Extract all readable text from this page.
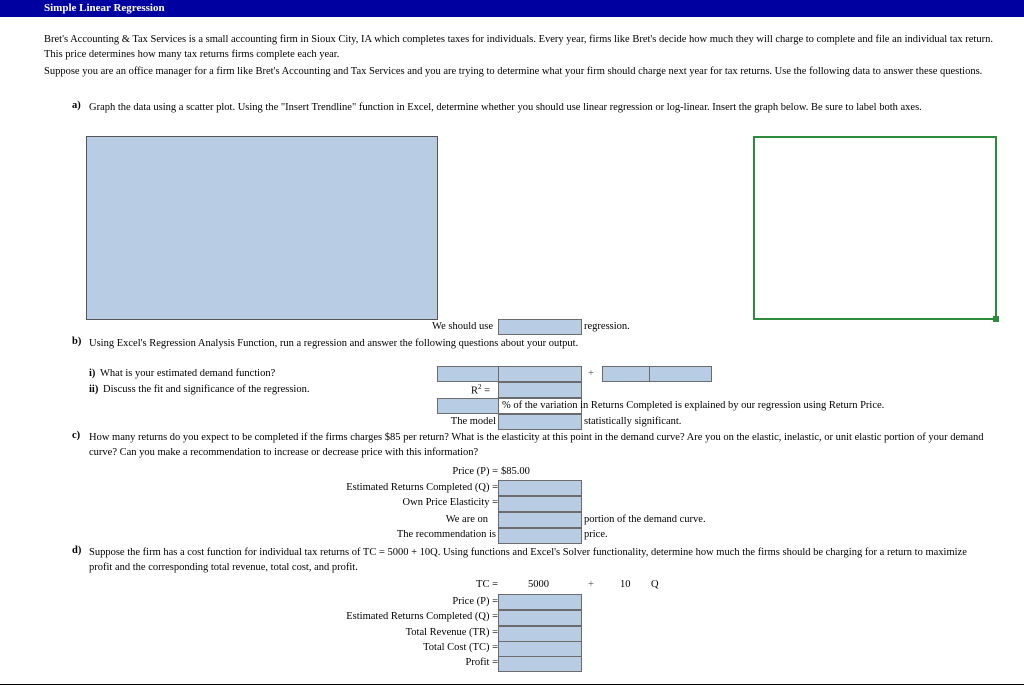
Simple Linear Regression
Bret's Accounting & Tax Services is a small accounting firm in Sioux City, IA which completes taxes for individuals. Every year, firms like Bret's decide how much they will charge to complete and file an individual tax return. This price determines how many tax returns firms complete each year.
Suppose you are an office manager for a firm like Bret's Accounting and Tax Services and you are trying to determine what your firm should charge next year for tax returns. Use the following data to answer these questions.
a) Graph the data using a scatter plot. Using the "Insert Trendline" function in Excel, determine whether you should use linear regression or log-linear. Insert the graph below. Be sure to label both axes.
We should use	regression.
b) Using Excel's Regression Analysis Function, run a regression and answer the following questions about your output.
i) What is your estimated demand function?
ii) Discuss the fit and significance of the regression.
+
$R^2$ =
% of the variation in Returns Completed is explained by our regression using Return Price.
The model	statistically significant.
c) How many returns do you expect to be completed if the firms charges $85 per return? What is the elasticity at this point in the demand curve? Are you on the elastic, inelastic, or unit elastic portion of your demand curve? Can you make a recommendation to increase or decrease price with this information?
Price (P) = $85.00
Estimated Returns Completed (Q) =
Own Price Elasticity =
We are on	portion of the demand curve.
The recommendation is	price.
d) Suppose the firm has a cost function for individual tax returns of TC = 5000 + 10Q. Using functions and Excel's Solver functionality, determine how much the firms should be charging for a return to maximize profit and the corresponding total revenue, total cost, and profit.
TC =	5000	+ 10 Q
Price (P) =
Estimated Returns Completed (Q) =
Total Revenue (TR) =
Total Cost (TC) =
Profit =
